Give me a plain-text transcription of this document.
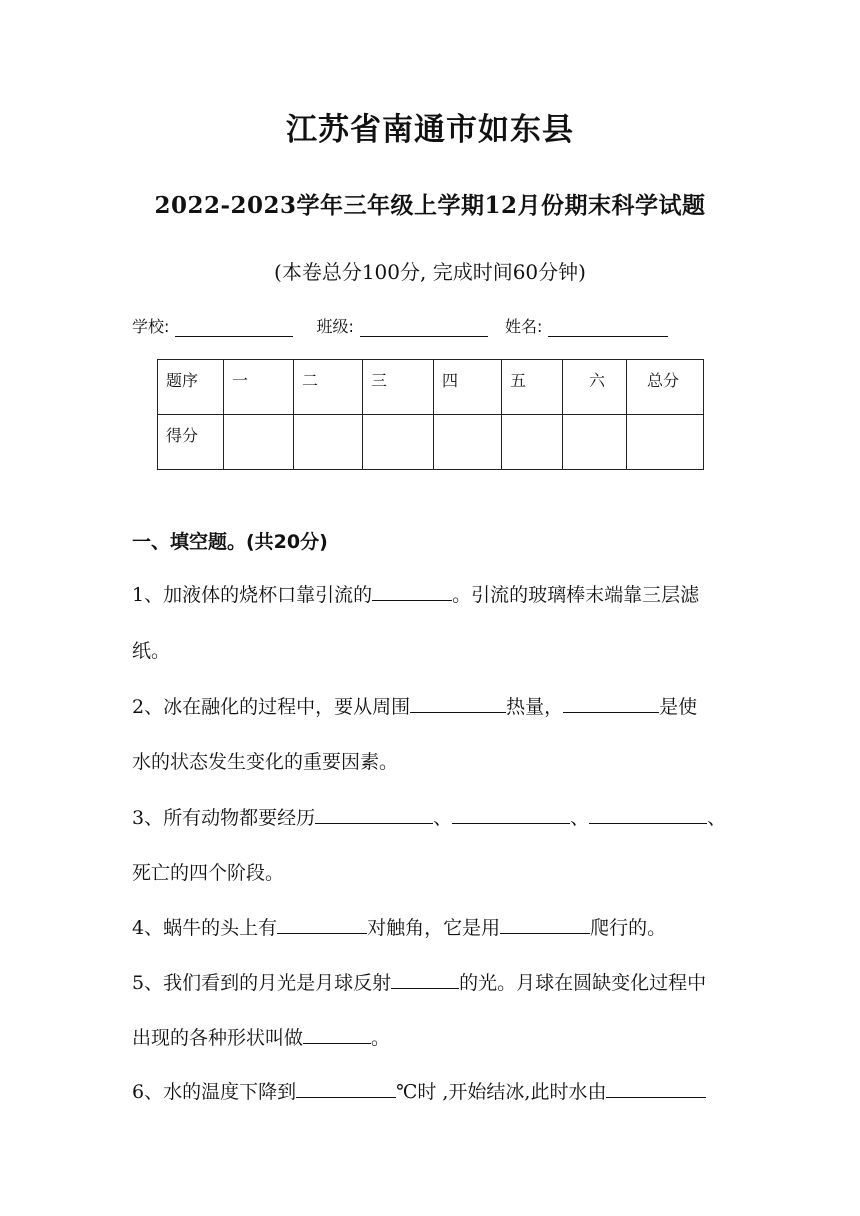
江苏省南通市如东县
2022-2023学年三年级上学期12月份期末科学试题
(本卷总分100分, 完成时间60分钟)
学校:	班级:	姓名:
题序	一	二	三	四	五	六	总分
得分							
一、填空题。(共20分)
1、加液体的烧杯口靠引流的	。引流的玻璃棒末端靠三层滤
纸。
2、冰在融化的过程中，要从周围	热量，	是使
水的状态发生变化的重要因素。
3、所有动物都要经历	、	、	、
死亡的四个阶段。
4、蜗牛的头上有	对触角，它是用	爬行的。
5、我们看到的月光是月球反射	的光。月球在圆缺变化过程中
出现的各种形状叫做	。
6、水的温度下降到	℃时 ,开始结冰,此时水由
